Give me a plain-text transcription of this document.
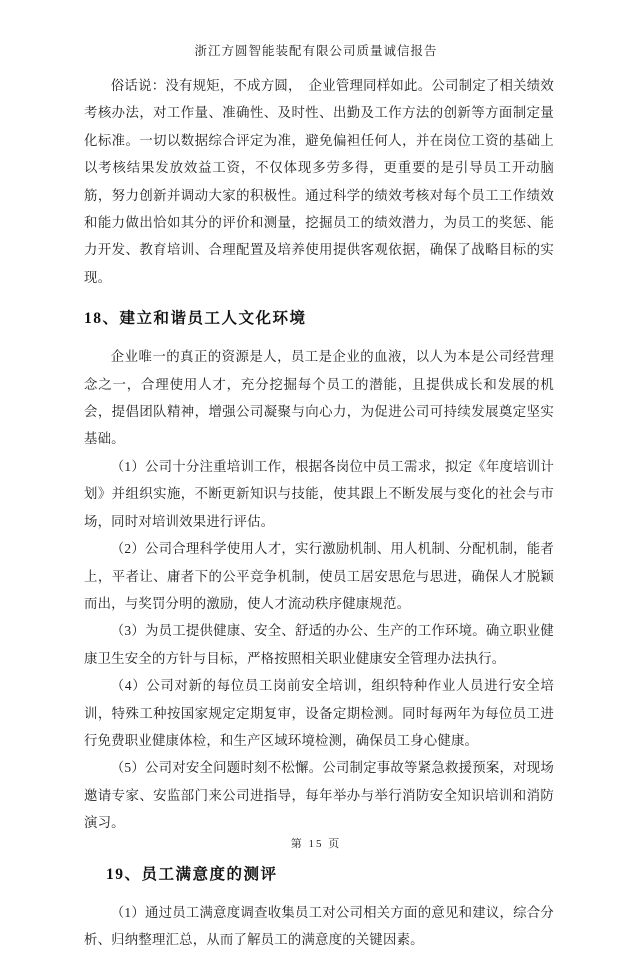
浙江方圆智能装配有限公司质量诚信报告

俗话说：没有规矩，不成方圆，　企业管理同样如此。公司制定了相关绩效考核办法，对工作量、准确性、及时性、出勤及工作方法的创新等方面制定量化标准。一切以数据综合评定为准，避免偏袒任何人，并在岗位工资的基础上以考核结果发放效益工资，不仅体现多劳多得，更重要的是引导员工开动脑筋，努力创新并调动大家的积极性。通过科学的绩效考核对每个员工工作绩效和能力做出恰如其分的评价和测量，挖掘员工的绩效潜力，为员工的奖惩、能力开发、教育培训、合理配置及培养使用提供客观依据，确保了战略目标的实现。

18、建立和谐员工人文化环境

企业唯一的真正的资源是人，员工是企业的血液，以人为本是公司经营理念之一，合理使用人才，充分挖掘每个员工的潜能，且提供成长和发展的机会，提倡团队精神，增强公司凝聚与向心力，为促进公司可持续发展奠定坚实基础。

（1）公司十分注重培训工作，根据各岗位中员工需求，拟定《年度培训计划》并组织实施，不断更新知识与技能，使其跟上不断发展与变化的社会与市场，同时对培训效果进行评估。

（2）公司合理科学使用人才，实行激励机制、用人机制、分配机制，能者上，平者让、庸者下的公平竞争机制，使员工居安思危与思进，确保人才脱颖而出，与奖罚分明的激励，使人才流动秩序健康规范。

（3）为员工提供健康、安全、舒适的办公、生产的工作环境。确立职业健康卫生安全的方针与目标，严格按照相关职业健康安全管理办法执行。

（4）公司对新的每位员工岗前安全培训，组织特种作业人员进行安全培训，特殊工种按国家规定定期复审，设备定期检测。同时每两年为每位员工进行免费职业健康体检，和生产区域环境检测，确保员工身心健康。

（5）公司对安全问题时刻不松懈。公司制定事故等紧急救援预案，对现场邀请专家、安监部门来公司进指导，每年举办与举行消防安全知识培训和消防演习。

19、员工满意度的测评

（1）通过员工满意度调查收集员工对公司相关方面的意见和建议，综合分析、归纳整理汇总，从而了解员工的满意度的关键因素。

第 15 页
